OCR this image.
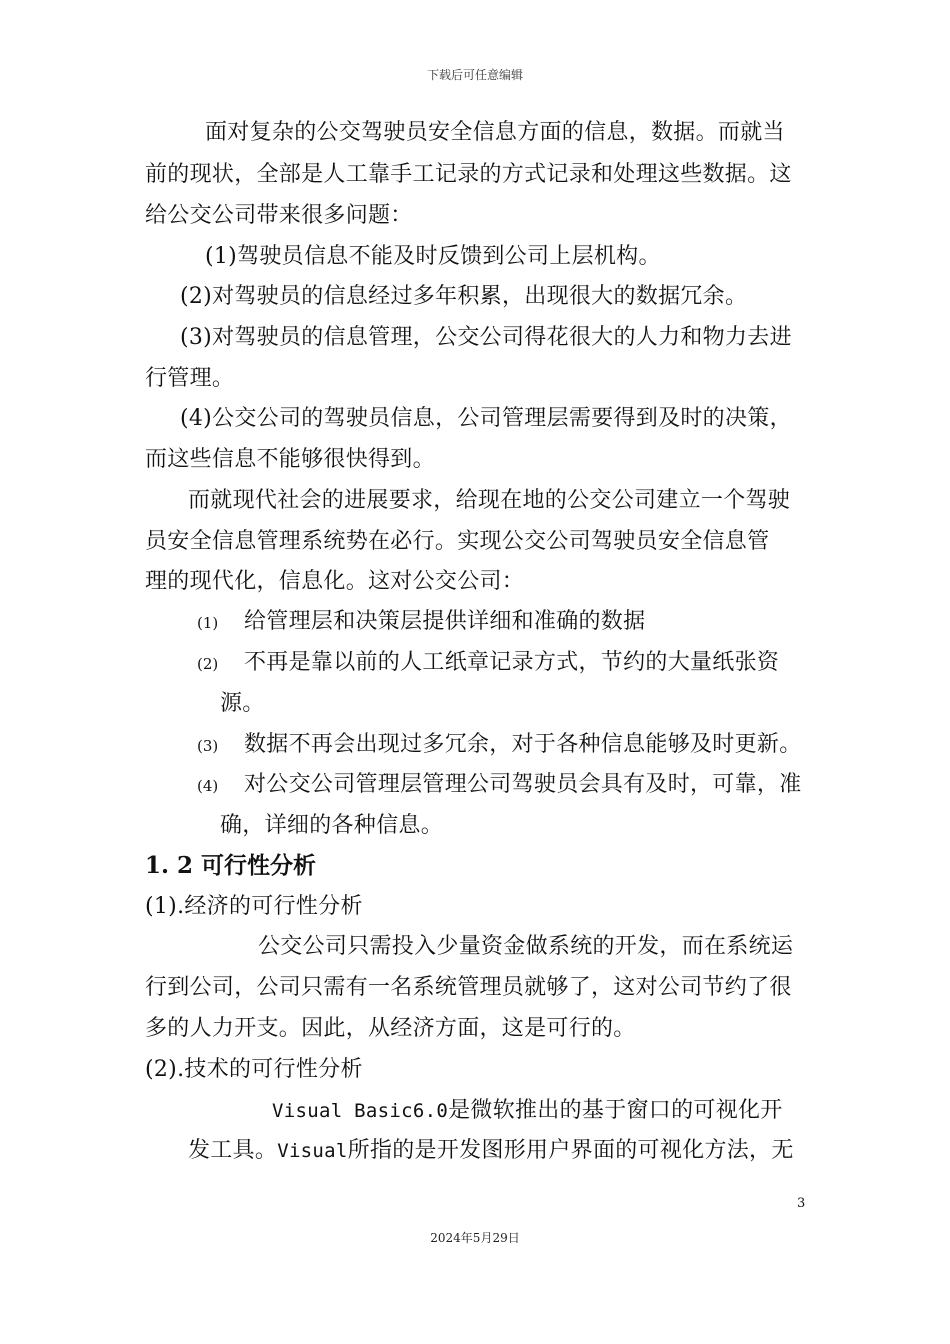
下载后可任意编辑
面对复杂的公交驾驶员安全信息方面的信息，数据。而就当
前的现状，全部是人工靠手工记录的方式记录和处理这些数据。这
给公交公司带来很多问题：
(1)驾驶员信息不能及时反馈到公司上层机构。
(2)对驾驶员的信息经过多年积累，出现很大的数据冗余。
(3)对驾驶员的信息管理，公交公司得花很大的人力和物力去进
行管理。
(4)公交公司的驾驶员信息，公司管理层需要得到及时的决策，
而这些信息不能够很快得到。
而就现代社会的进展要求，给现在地的公交公司建立一个驾驶
员安全信息管理系统势在必行。实现公交公司驾驶员安全信息管
理的现代化，信息化。这对公交公司：
(1) 给管理层和决策层提供详细和准确的数据
(2) 不再是靠以前的人工纸章记录方式，节约的大量纸张资
源。
(3) 数据不再会出现过多冗余，对于各种信息能够及时更新。
(4) 对公交公司管理层管理公司驾驶员会具有及时，可靠，准
确，详细的各种信息。
1. 2 可行性分析
(1).经济的可行性分析
公交公司只需投入少量资金做系统的开发，而在系统运
行到公司，公司只需有一名系统管理员就够了，这对公司节约了很
多的人力开支。因此，从经济方面，这是可行的。
(2).技术的可行性分析
Visual Basic6.0是微软推出的基于窗口的可视化开
发工具。Visual所指的是开发图形用户界面的可视化方法，无
3
2024年5月29日
